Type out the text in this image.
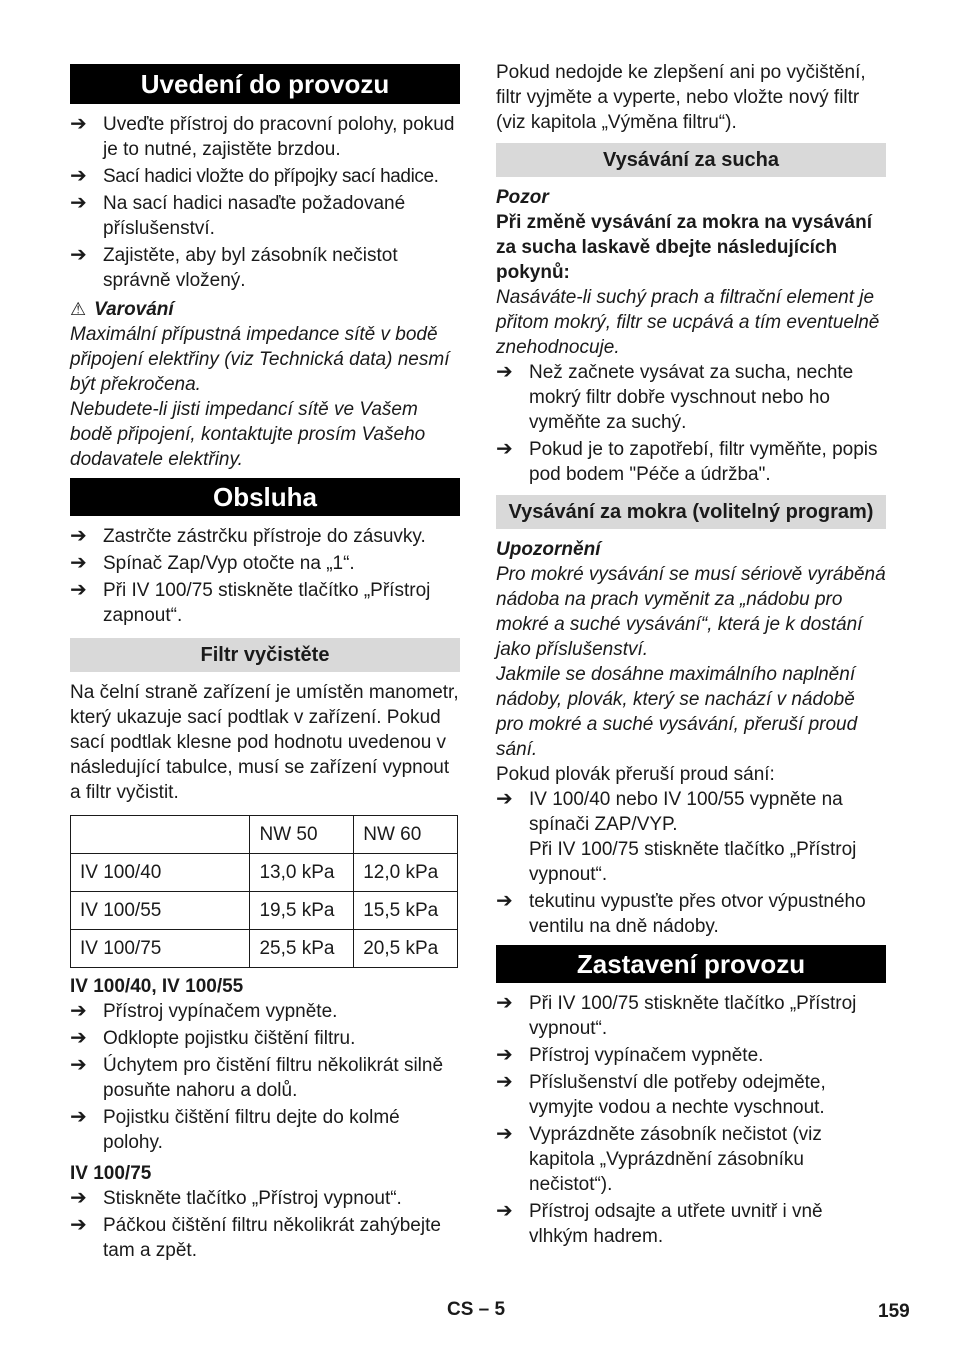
Uvedení do provozu
➔ Uveďte přístroj do pracovní polohy, pokud je to nutné, zajistěte brzdou.
➔ Sací hadici vložte do přípojky sací hadice.
➔ Na sací hadici nasaďte požadované příslušenství.
➔ Zajistěte, aby byl zásobník nečistot správně vložený.

⚠ Varování

Maximální přípustná impedance sítě v bodě připojení elektřiny (viz Technická data) nesmí být překročena.

Nebudete-li jisti impedancí sítě ve Vašem bodě připojení, kontaktujte prosím Vašeho dodavatele elektřiny.

Obsluha
➔ Zastrčte zástrčku přístroje do zásuvky.
➔ Spínač Zap/Vyp otočte na „1“.
➔ Při IV 100/75 stiskněte tlačítko „Přístroj zapnout“.
Filtr vyčistěte

Na čelní straně zařízení je umístěn manometr, který ukazuje sací podtlak v zařízení. Pokud sací podtlak klesne pod hodnotu uvedenou v následující tabulce, musí se zařízení vypnout a filtr vyčistit.

	NW 50	NW 60
IV 100/40	13,0 kPa	12,0 kPa
IV 100/55	19,5 kPa	15,5 kPa
IV 100/75	25,5 kPa	20,5 kPa

IV 100/40, IV 100/55

➔ Přístroj vypínačem vypněte.
➔ Odklopte pojistku čištění filtru.
➔ Úchytem pro čistění filtru několikrát silně posuňte nahoru a dolů.
➔ Pojistku čištění filtru dejte do kolmé polohy.

IV 100/75

➔ Stiskněte tlačítko „Přístroj vypnout“.
➔ Páčkou čištění filtru několikrát zahýbejte tam a zpět.

Pokud nedojde ke zlepšení ani po vyčištění, filtr vyjměte a vyperte, nebo vložte nový filtr (viz kapitola „Výměna filtru“).

Vysávání za sucha

Pozor

Při změně vysávání za mokra na vysávání za sucha laskavě dbejte následujících pokynů:

Nasáváte-li suchý prach a filtrační element je přitom mokrý, filtr se ucpává a tím eventuelně znehodnocuje.

➔ Než začnete vysávat za sucha, nechte mokrý filtr dobře vyschnout nebo ho vyměňte za suchý.
➔ Pokud je to zapotřebí, filtr vyměňte, popis pod bodem "Péče a údržba".
Vysávání za mokra (volitelný program)

Upozornění

Pro mokré vysávání se musí sériově vyráběná nádoba na prach vyměnit za „nádobu pro mokré a suché vysávání“, která je k dostání jako příslušenství.

Jakmile se dosáhne maximálního naplnění nádoby, plovák, který se nachází v nádobě pro mokré a suché vysávání, přeruší proud sání.

Pokud plovák přeruší proud sání:

➔ IV 100/40 nebo IV 100/55 vypněte na spínači ZAP/VYP.
Při IV 100/75 stiskněte tlačítko „Přístroj vypnout“.
➔ tekutinu vypusťte přes otvor výpustného ventilu na dně nádoby.
Zastavení provozu
➔ Při IV 100/75 stiskněte tlačítko „Přístroj vypnout“.
➔ Přístroj vypínačem vypněte.
➔ Příslušenství dle potřeby odejměte, vymyjte vodou a nechte vyschnout.
➔ Vyprázdněte zásobník nečistot (viz kapitola „Vyprázdnění zásobníku nečistot“).
➔ Přístroj odsajte a utřete uvnitř i vně vlhkým hadrem.
CS – 5	159
